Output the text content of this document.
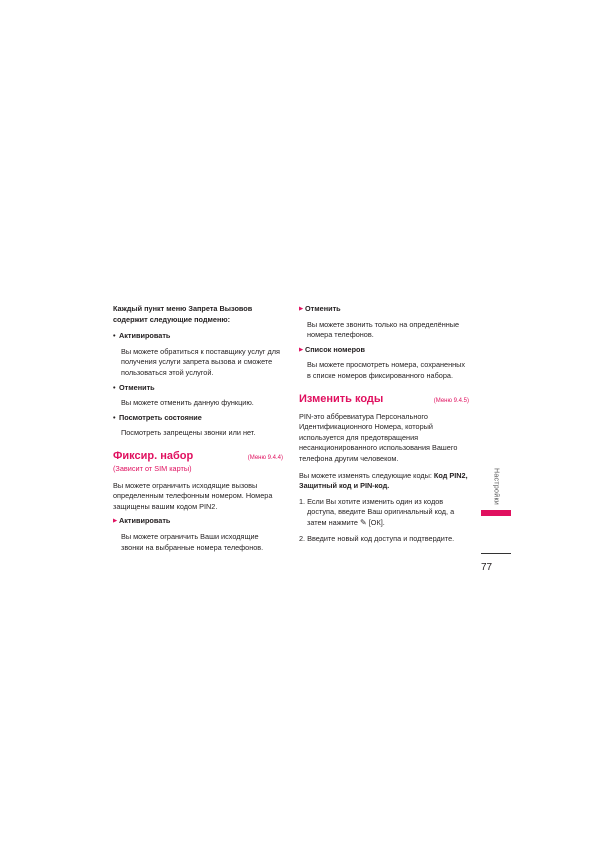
Каждый пункт меню Запрета Вызовов содержит следующие подменю:

• Активировать

Вы можете обратиться к поставщику услуг для получения услуги запрета вызова и сможете пользоваться этой услугой.

• Отменить

Вы можете отменить данную функцию.

• Посмотреть состояние

Посмотреть запрещены звонки или нет.

Фиксир. набор	(Меню 9.4.4)

(Зависит от SIM карты)

Вы можете ограничить исходящие вызовы определенным телефонным номером. Номера защищены вашим кодом PIN2.

▶ Активировать

Вы можете ограничить Ваши исходящие звонки на выбранные номера телефонов.

▶ Отменить

Вы можете звонить только на определённые номера телефонов.

▶ Список номеров

Вы можете просмотреть номера, сохраненных в списке номеров фиксированного набора.

Изменить коды	(Меню 9.4.5)

PIN-это аббревиатура Персонального Идентификационного Номера, который используется для предотвращения несанкционированного использования Вашего телефона другим человеком.

Вы можете изменять следующие коды: Код PIN2, Защитный код и PIN-код.

1. Если Вы хотите изменить один из кодов доступа, введите Ваш оригинальный код, а затем нажмите ✎ [ОК].

2. Введите новый код доступа и подтвердите.

Настройки
77
